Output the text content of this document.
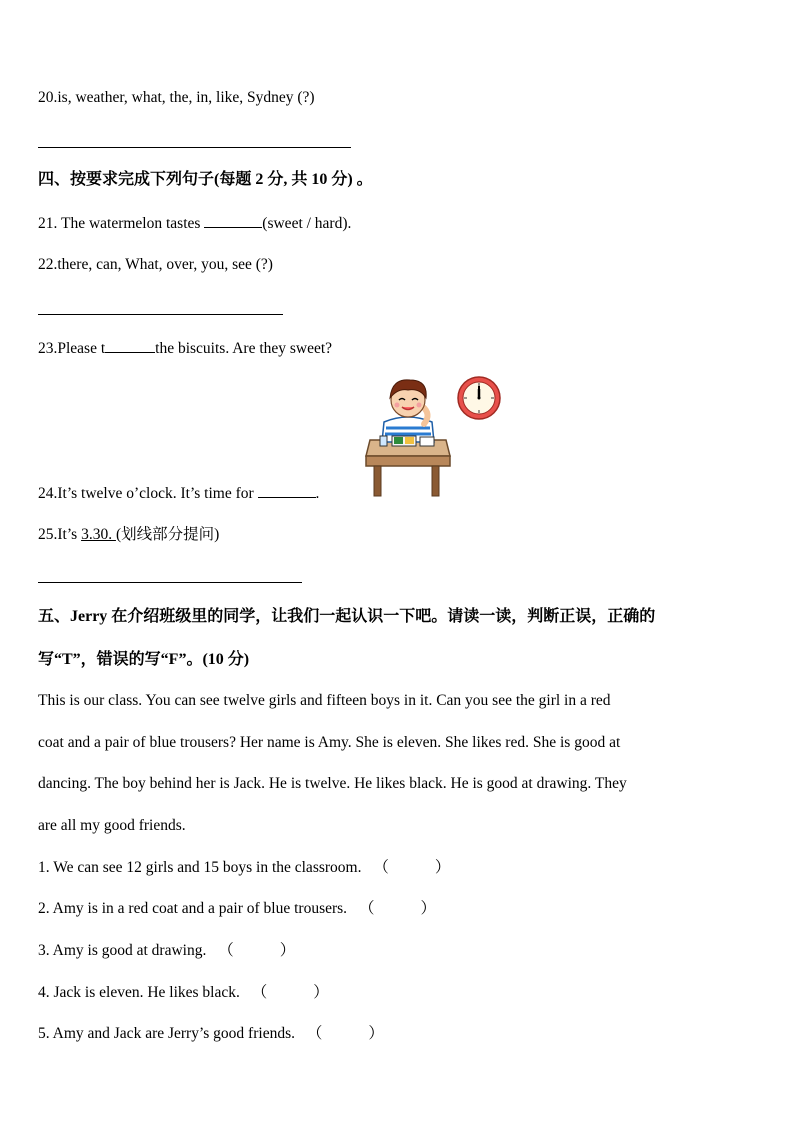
20.is, weather, what, the, in, like, Sydney (?)
四、按要求完成下列句子(每题 2 分, 共 10 分) 。
21. The watermelon tastes	(sweet / hard).
22.there, can, What, over, you, see (?)
23.Please t	the biscuits. Are they sweet?
24.It’s twelve o’clock. It’s time for	.
25.It’s 3.30. (划线部分提问)
五、Jerry 在介绍班级里的同学，让我们一起认识一下吧。请读一读，判断正误，正确的
写“T”，错误的写“F”。(10 分)
This is our class. You can see twelve girls and fifteen boys in it. Can you see the girl in a red
coat and a pair of blue trousers? Her name is Amy. She is eleven. She likes red. She is good at
dancing. The boy behind her is Jack. He is twelve. He likes black. He is good at drawing. They
are all my good friends.
1. We can see 12 girls and 15 boys in the classroom. （	）
2. Amy is in a red coat and a pair of blue trousers. （	）
3. Amy is good at drawing. （	）
4. Jack is eleven. He likes black. （	）
5. Amy and Jack are Jerry’s good friends. （	）
